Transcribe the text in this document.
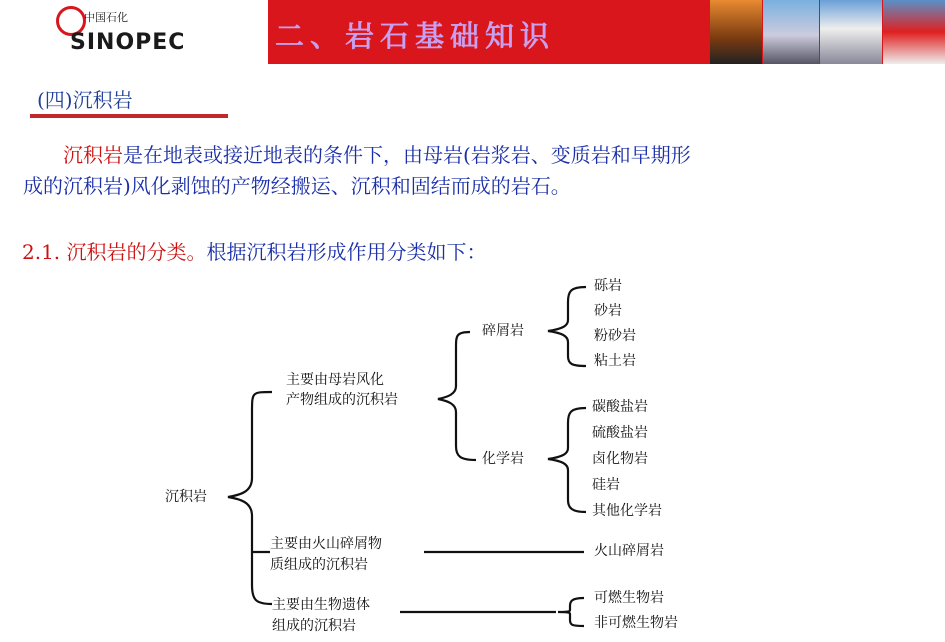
中国石化
SINOPEC	二、岩石基础知识
(四)沉积岩
沉积岩是在地表或接近地表的条件下，由母岩(岩浆岩、变质岩和早期形
成的沉积岩)风化剥蚀的产物经搬运、沉积和固结而成的岩石。
2.1. 沉积岩的分类。根据沉积岩形成作用分类如下：
沉积岩
主要由母岩风化
产物组成的沉积岩
碎屑岩
砾岩
砂岩
粉砂岩
粘土岩
化学岩
碳酸盐岩
硫酸盐岩
卤化物岩
硅岩
其他化学岩
主要由火山碎屑物
质组成的沉积岩
火山碎屑岩
主要由生物遗体
组成的沉积岩
可燃生物岩
非可燃生物岩
